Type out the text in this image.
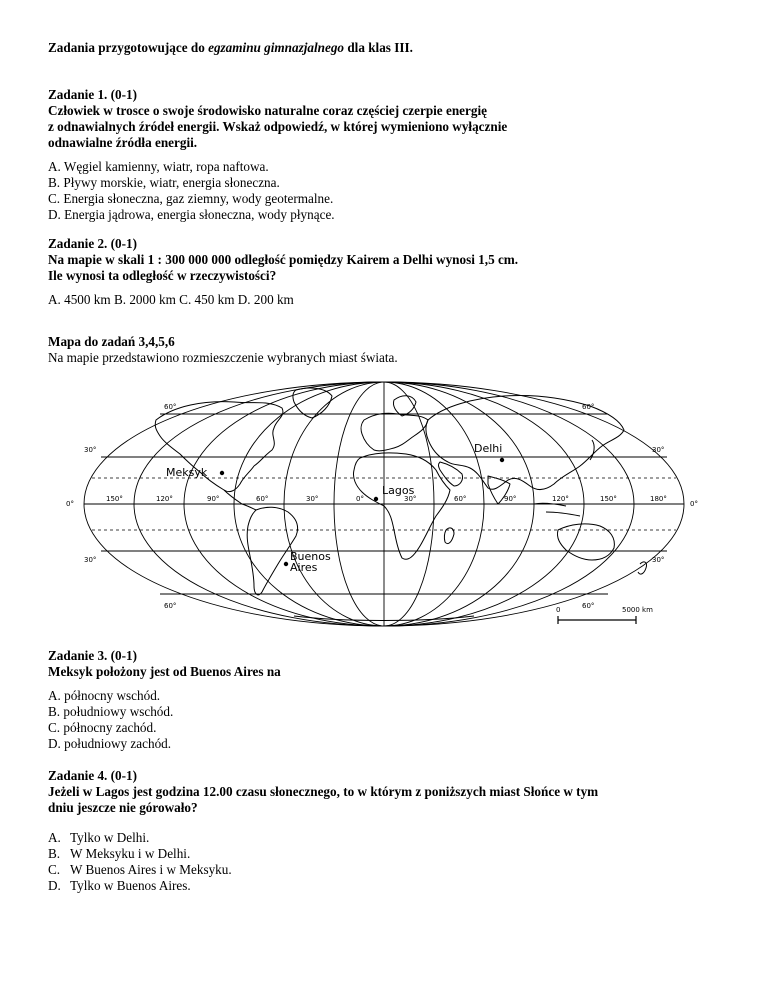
Zadania przygotowujące do egzaminu gimnazjalnego dla klas III.
Zadanie 1. (0-1)
Człowiek w trosce o swoje środowisko naturalne coraz częściej czerpie energię
z odnawialnych źródeł energii. Wskaż odpowiedź, w której wymieniono wyłącznie
odnawialne źródła energii.
A. Węgiel kamienny, wiatr, ropa naftowa.
B. Pływy morskie, wiatr, energia słoneczna.
C. Energia słoneczna, gaz ziemny, wody geotermalne.
D. Energia jądrowa, energia słoneczna, wody płynące.
Zadanie 2. (0-1)
Na mapie w skali 1 : 300 000 000 odległość pomiędzy Kairem a Delhi wynosi 1,5 cm.
Ile wynosi ta odległość w rzeczywistości?
A. 4500 km B. 2000 km C. 450 km D. 200 km
Mapa do zadań 3,4,5,6
Na mapie przedstawiono rozmieszczenie wybranych miast świata.
Delhi
Meksyk
Lagos
Buenos
Aires
60°	60°
30°	30°
0°	0°
30°	30°
60°	60°
150°	120°	90°	60°	30°	0°	30°	60°	90°	120°	150°	180°
0	5000 km
Zadanie 3. (0-1)
Meksyk położony jest od Buenos Aires na
A. północny wschód.
B. południowy wschód.
C. północny zachód.
D. południowy zachód.
Zadanie 4. (0-1)
Jeżeli w Lagos jest godzina 12.00 czasu słonecznego, to w którym z poniższych miast Słońce w tym
dniu jeszcze nie górowało?
A. Tylko w Delhi.
B. W Meksyku i w Delhi.
C. W Buenos Aires i w Meksyku.
D. Tylko w Buenos Aires.
